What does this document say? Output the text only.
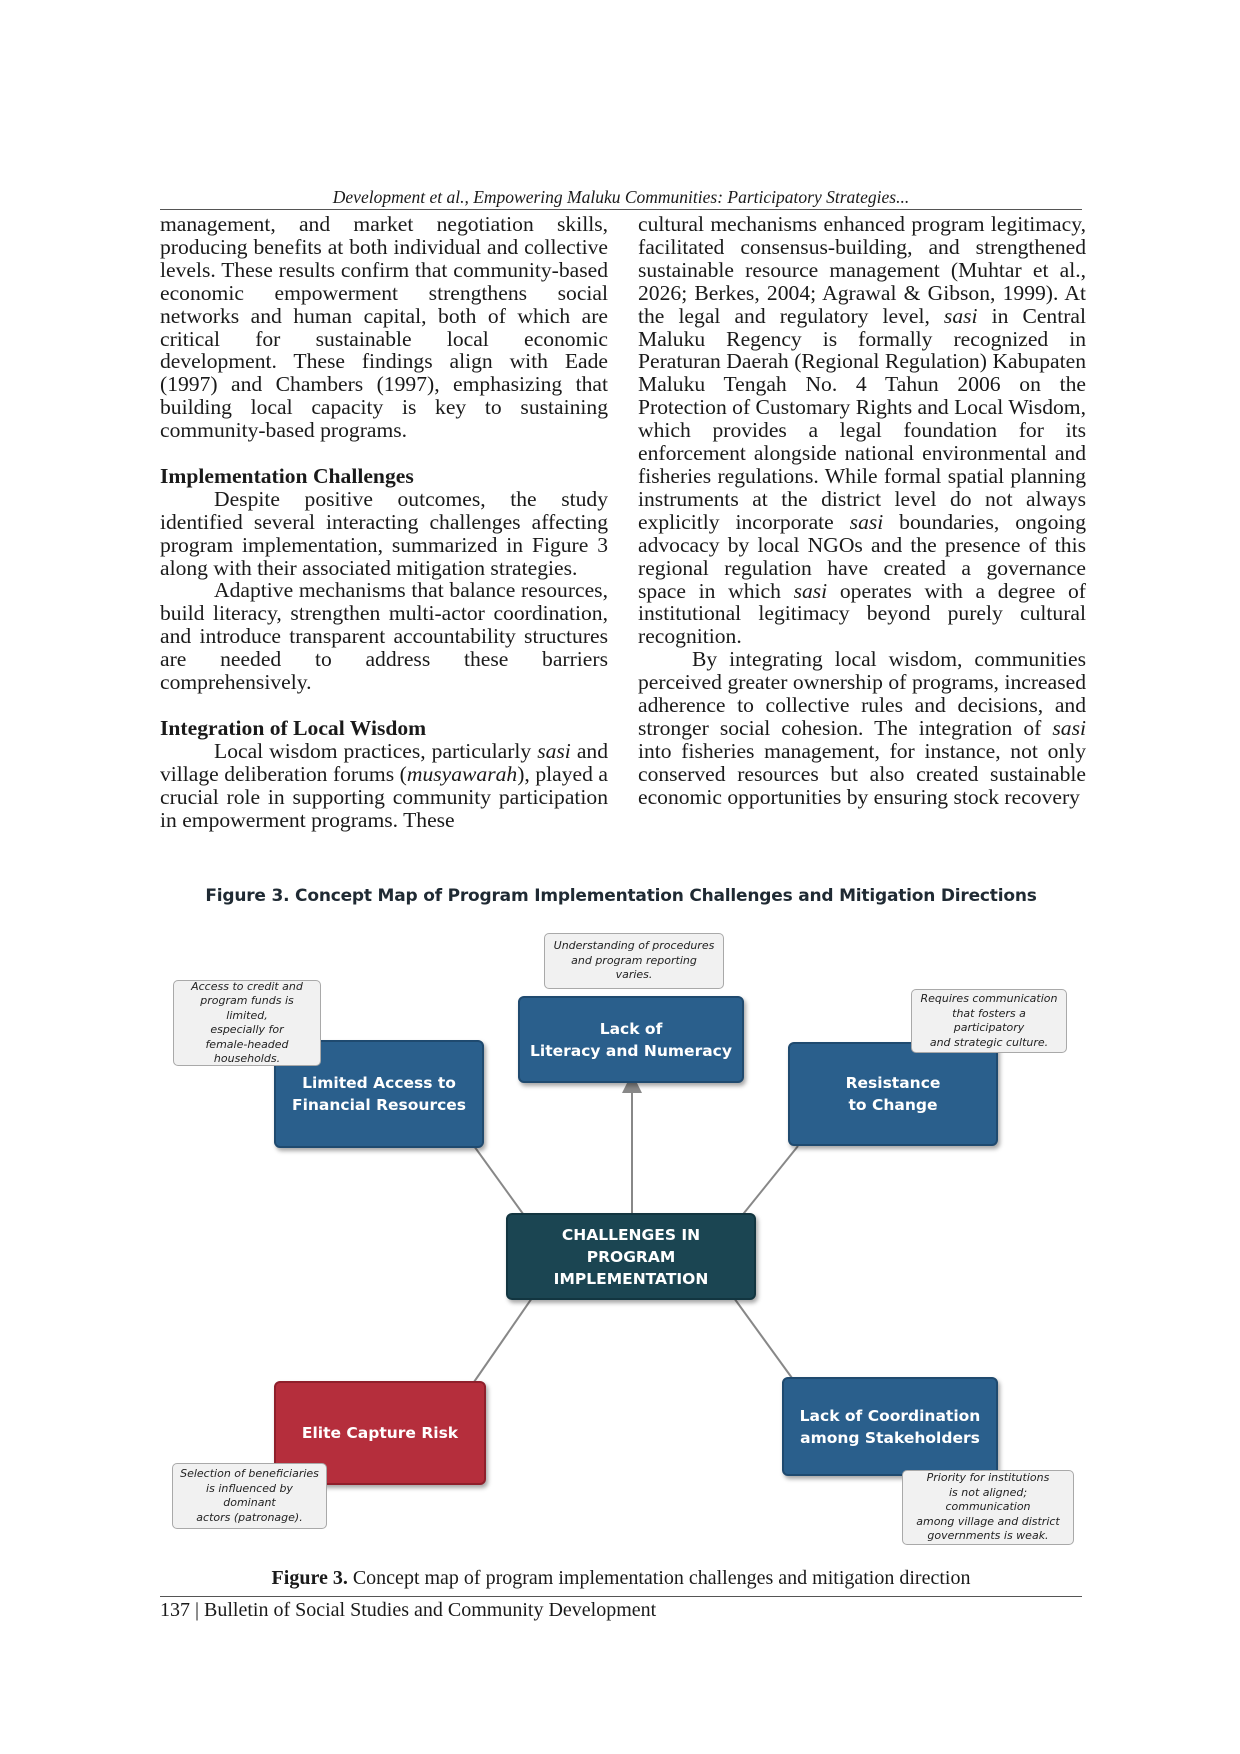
Development et al., Empowering Maluku Communities: Participatory Strategies...

management, and market negotiation skills, producing benefits at both individual and collective levels. These results confirm that community-based economic empowerment strengthens social networks and human capital, both of which are critical for sustainable local economic development. These findings align with Eade (1997) and Chambers (1997), emphasizing that building local capacity is key to sustaining community-based programs.

Implementation Challenges

Despite positive outcomes, the study identified several interacting challenges affecting program implementation, summarized in Figure 3 along with their associated mitigation strategies.

Adaptive mechanisms that balance resources, build literacy, strengthen multi-actor coordination, and introduce transparent accountability structures are needed to address these barriers comprehensively.

Integration of Local Wisdom

Local wisdom practices, particularly sasi and village deliberation forums (musyawarah), played a crucial role in supporting community participation in empowerment programs. These

cultural mechanisms enhanced program legitimacy, facilitated consensus-building, and strengthened sustainable resource management (Muhtar et al., 2026; Berkes, 2004; Agrawal & Gibson, 1999). At the legal and regulatory level, sasi in Central Maluku Regency is formally recognized in Peraturan Daerah (Regional Regulation) Kabupaten Maluku Tengah No. 4 Tahun 2006 on the Protection of Customary Rights and Local Wisdom, which provides a legal foundation for its enforcement alongside national environmental and fisheries regulations. While formal spatial planning instruments at the district level do not always explicitly incorporate sasi boundaries, ongoing advocacy by local NGOs and the presence of this regional regulation have created a governance space in which sasi operates with a degree of institutional legitimacy beyond purely cultural recognition.

By integrating local wisdom, communities perceived greater ownership of programs, increased adherence to collective rules and decisions, and stronger social cohesion. The integration of sasi into fisheries management, for instance, not only conserved resources but also created sustainable economic opportunities by ensuring stock recovery

Figure 3. Concept Map of Program Implementation Challenges and Mitigation Directions
Limited Access to
Financial Resources
Lack of
Literacy and Numeracy
Resistance
to Change
CHALLENGES IN
PROGRAM IMPLEMENTATION
Elite Capture Risk
Lack of Coordination
among Stakeholders
Access to credit and
program funds is limited,
especially for
female-headed
households.
Understanding of procedures
and program reporting
varies.
Requires communication
that fosters a participatory
and strategic culture.
Selection of beneficiaries
is influenced by dominant
actors (patronage).
Priority for institutions
is not aligned; communication
among village and district
governments is weak.
Figure 3. Concept map of program implementation challenges and mitigation direction
137 | Bulletin of Social Studies and Community Development
